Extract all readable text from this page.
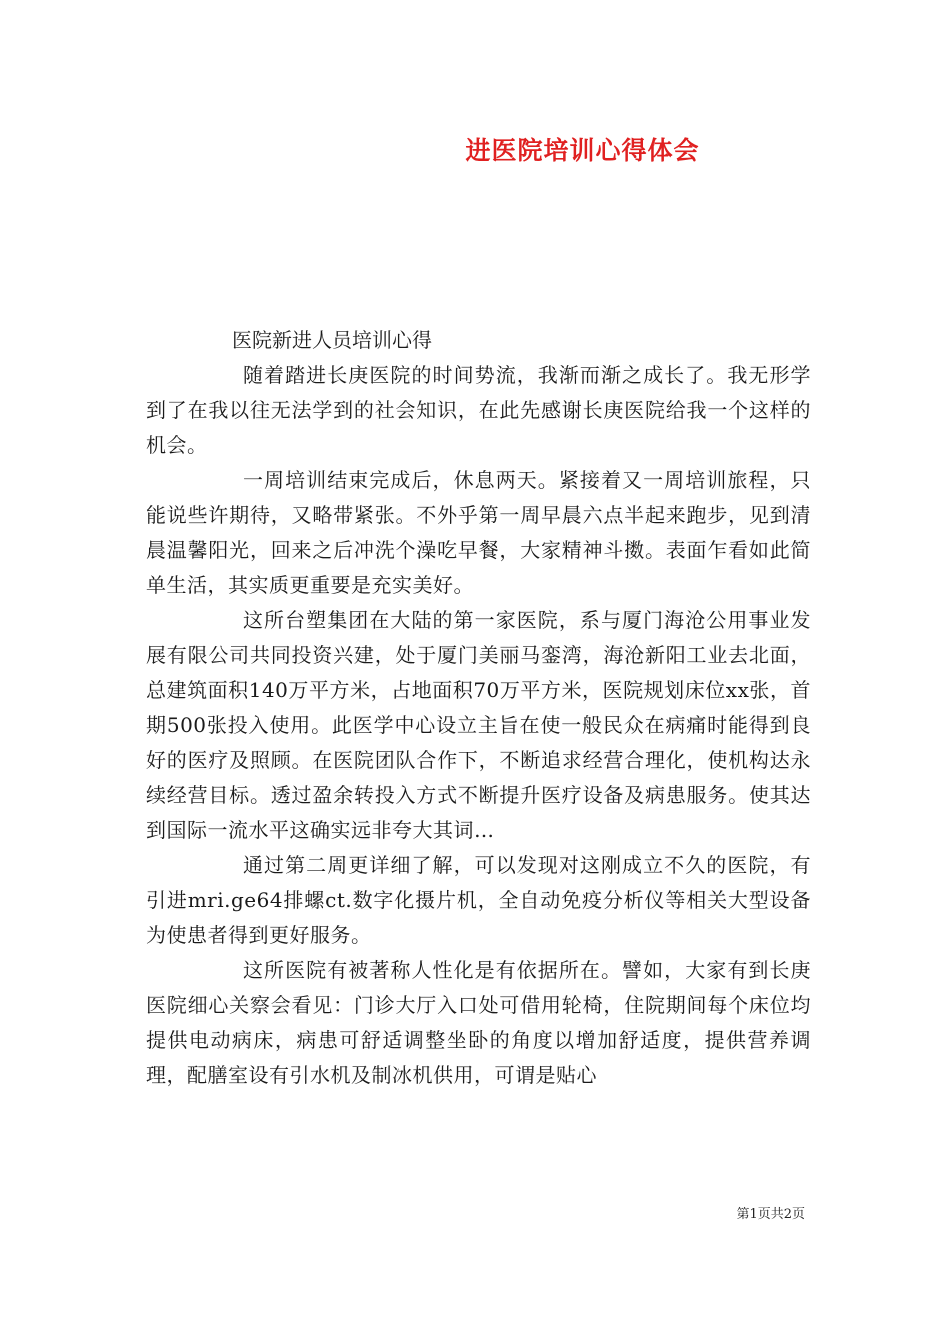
进医院培训心得体会

医院新进人员培训心得

随着踏进长庚医院的时间势流，我渐而渐之成长了。我无形学到了在我以往无法学到的社会知识，在此先感谢长庚医院给我一个这样的机会。

一周培训结束完成后，休息两天。紧接着又一周培训旅程，只能说些许期待，又略带紧张。不外乎第一周早晨六点半起来跑步，见到清晨温馨阳光，回来之后冲洗个澡吃早餐，大家精神斗擞。表面乍看如此简单生活，其实质更重要是充实美好。

这所台塑集团在大陆的第一家医院，系与厦门海沧公用事业发展有限公司共同投资兴建，处于厦门美丽马銮湾，海沧新阳工业去北面，总建筑面积140万平方米，占地面积70万平方米，医院规划床位xx张，首期500张投入使用。此医学中心设立主旨在使一般民众在病痛时能得到良好的医疗及照顾。在医院团队合作下，不断追求经营合理化，使机构达永续经营目标。透过盈余转投入方式不断提升医疗设备及病患服务。使其达到国际一流水平这确实远非夸大其词…

通过第二周更详细了解，可以发现对这刚成立不久的医院，有引进mri.ge64排螺ct.数字化摄片机，全自动免疫分析仪等相关大型设备为使患者得到更好服务。

这所医院有被著称人性化是有依据所在。譬如，大家有到长庚医院细心关察会看见：门诊大厅入口处可借用轮椅，住院期间每个床位均提供电动病床，病患可舒适调整坐卧的角度以增加舒适度，提供营养调理，配膳室设有引水机及制冰机供用，可谓是贴心

第1页共2页
